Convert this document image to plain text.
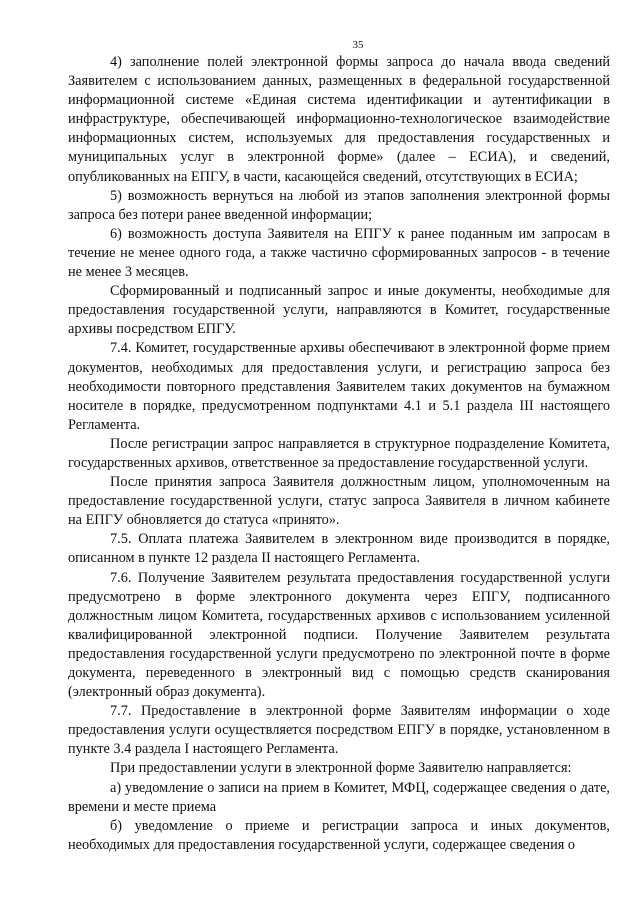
35

4) заполнение полей электронной формы запроса до начала ввода сведений Заявителем с использованием данных, размещенных в федеральной государственной информационной системе «Единая система идентификации и аутентификации в инфраструктуре, обеспечивающей информационно-технологическое взаимодействие информационных систем, используемых для предоставления государственных и муниципальных услуг в электронной форме» (далее – ЕСИА), и сведений, опубликованных на ЕПГУ, в части, касающейся сведений, отсутствующих в ЕСИА;

5) возможность вернуться на любой из этапов заполнения электронной формы запроса без потери ранее введенной информации;

6) возможность доступа Заявителя на ЕПГУ к ранее поданным им запросам в течение не менее одного года, а также частично сформированных запросов - в течение не менее 3 месяцев.

Сформированный и подписанный запрос и иные документы, необходимые для предоставления государственной услуги, направляются в Комитет, государственные архивы посредством ЕПГУ.

7.4. Комитет, государственные архивы обеспечивают в электронной форме прием документов, необходимых для предоставления услуги, и регистрацию запроса без необходимости повторного представления Заявителем таких документов на бумажном носителе в порядке, предусмотренном подпунктами 4.1 и 5.1 раздела III настоящего Регламента.

После регистрации запрос направляется в структурное подразделение Комитета, государственных архивов, ответственное за предоставление государственной услуги.

После принятия запроса Заявителя должностным лицом, уполномоченным на предоставление государственной услуги, статус запроса Заявителя в личном кабинете на ЕПГУ обновляется до статуса «принято».

7.5. Оплата платежа Заявителем в электронном виде производится в порядке, описанном в пункте 12 раздела II настоящего Регламента.

7.6. Получение Заявителем результата предоставления государственной услуги предусмотрено в форме электронного документа через ЕПГУ, подписанного должностным лицом Комитета, государственных архивов с использованием усиленной квалифицированной электронной подписи. Получение Заявителем результата предоставления государственной услуги предусмотрено по электронной почте в форме документа, переведенного в электронный вид с помощью средств сканирования (электронный образ документа).

7.7. Предоставление в электронной форме Заявителям информации о ходе предоставления услуги осуществляется посредством ЕПГУ в порядке, установленном в пункте 3.4 раздела I настоящего Регламента.

При предоставлении услуги в электронной форме Заявителю направляется:

а) уведомление о записи на прием в Комитет, МФЦ, содержащее сведения о дате, времени и месте приема

б) уведомление о приеме и регистрации запроса и иных документов, необходимых для предоставления государственной услуги, содержащее сведения о
